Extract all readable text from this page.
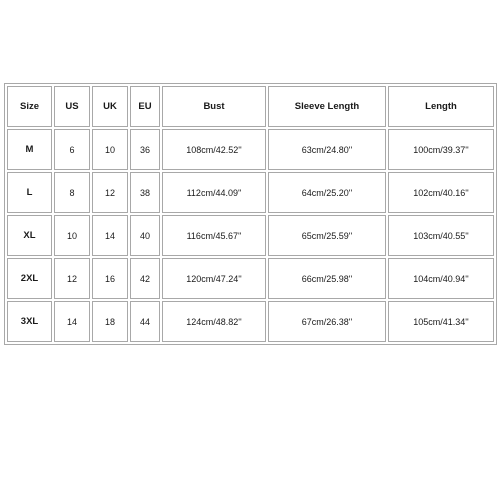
Size	US	UK	EU	Bust	Sleeve Length	Length
M	6	10	36	108cm/42.52''	63cm/24.80''	100cm/39.37''
L	8	12	38	112cm/44.09''	64cm/25.20''	102cm/40.16''
XL	10	14	40	116cm/45.67''	65cm/25.59''	103cm/40.55''
2XL	12	16	42	120cm/47.24''	66cm/25.98''	104cm/40.94''
3XL	14	18	44	124cm/48.82''	67cm/26.38''	105cm/41.34''
